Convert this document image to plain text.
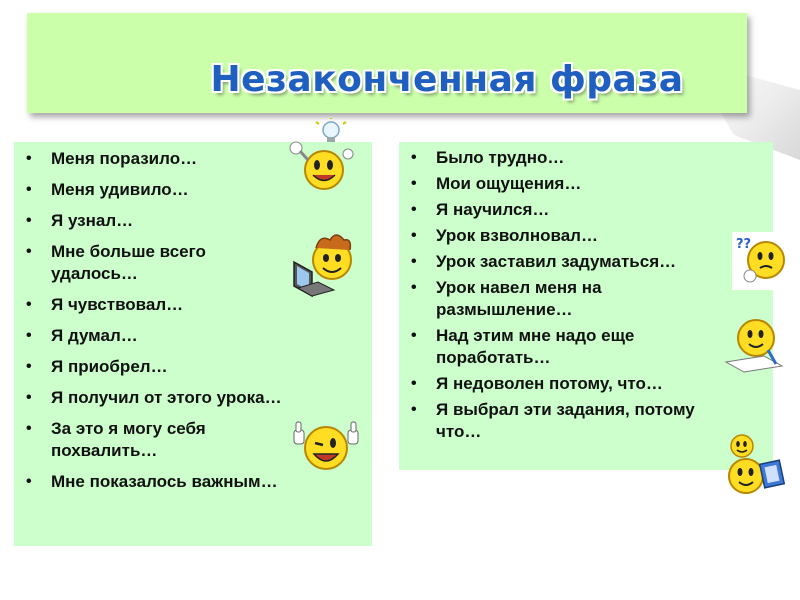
Незаконченная фраза
• Меня поразило…
• Меня удивило…
• Я узнал…
• Мне больше всего удалось…
• Я чувствовал…
• Я думал…
• Я приобрел…
• Я получил от этого урока…
• За это я могу себя похвалить…
• Мне показалось важным…
• Было трудно…
• Мои ощущения…
• Я научился…
• Урок взволновал…
• Урок заставил задуматься…
• Урок навел меня на размышление…
• Над этим мне надо еще поработать…
• Я недоволен потому, что…
• Я выбрал эти задания, потому что…
??
